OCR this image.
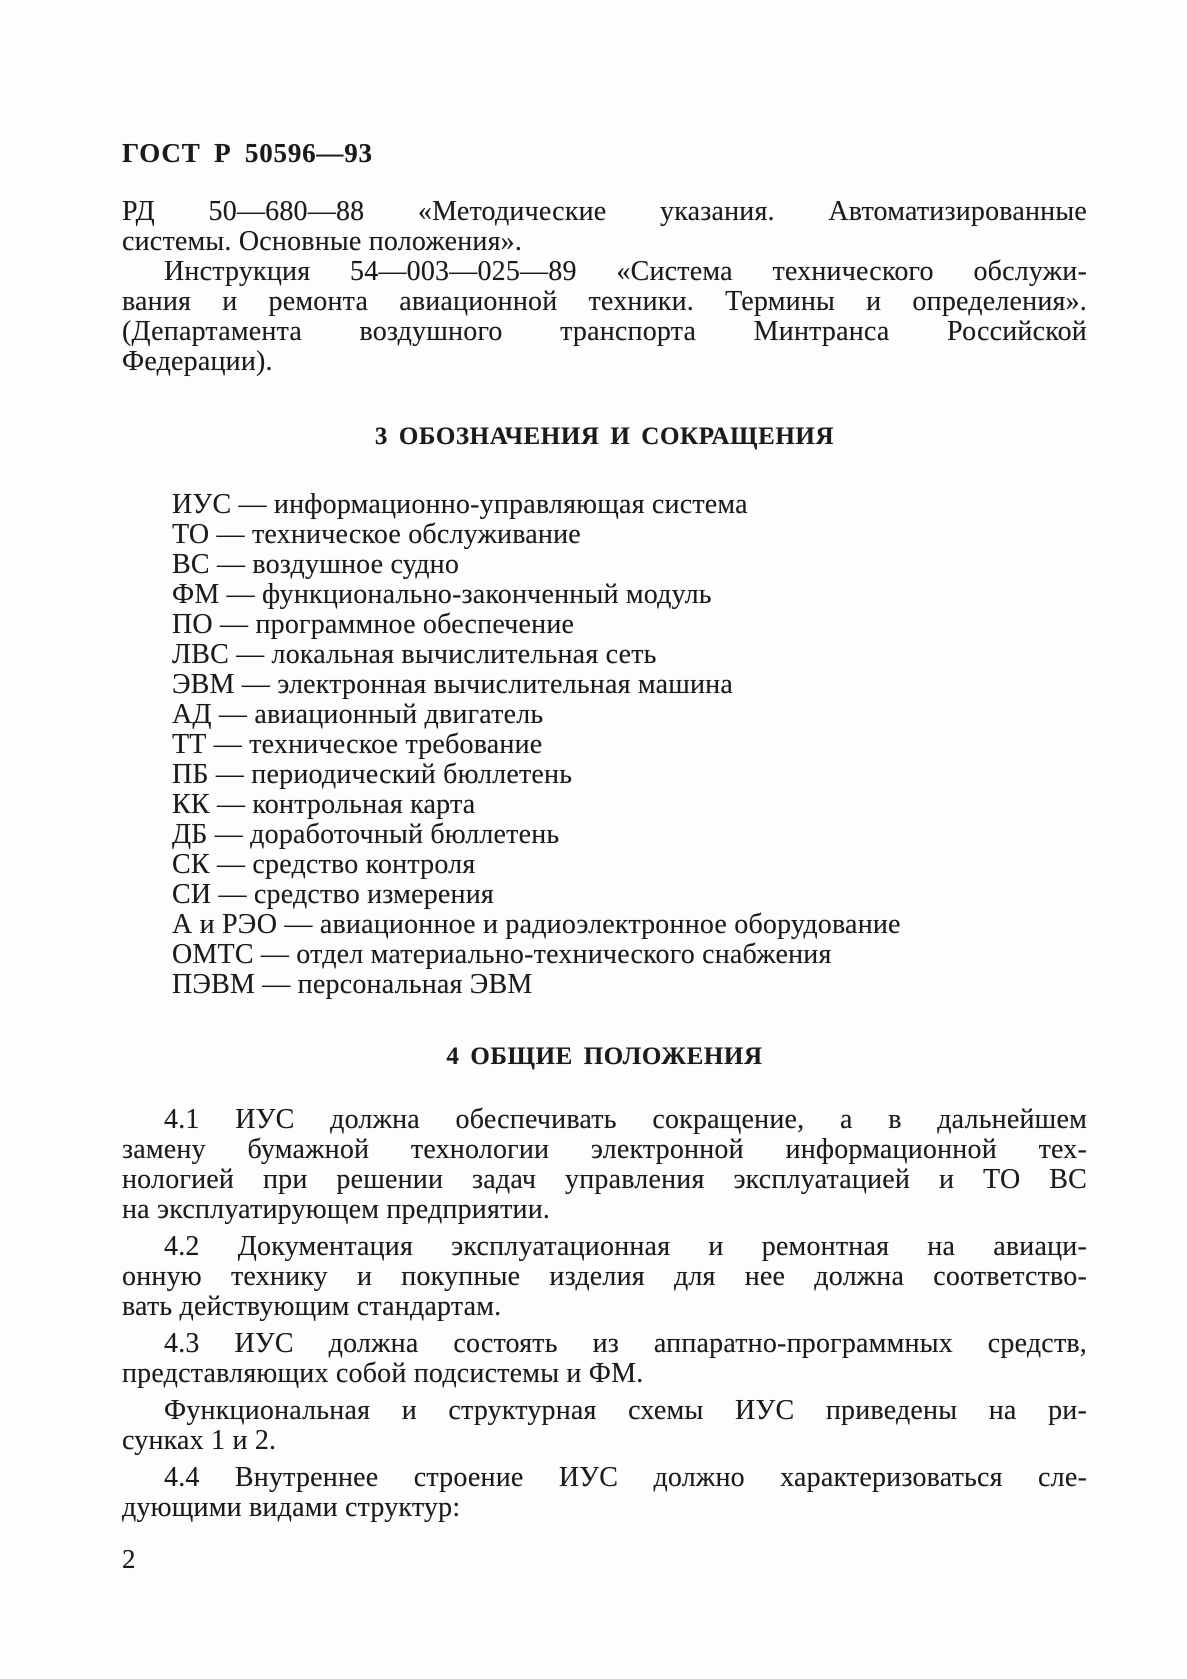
ГОСТ Р 50596—93
РД 50—680—88 «Методические указания. Автоматизированные
системы. Основные положения».
Инструкция 54—003—025—89 «Система технического обслужи-
вания и ремонта авиационной техники. Термины и определения».
(Департамента воздушного транспорта Минтранса Российской
Федерации).
3 ОБОЗНАЧЕНИЯ И СОКРАЩЕНИЯ
ИУС — информационно-управляющая система
ТО — техническое обслуживание
ВС — воздушное судно
ФМ — функционально-законченный модуль
ПО — программное обеспечение
ЛВС — локальная вычислительная сеть
ЭВМ — электронная вычислительная машина
АД — авиационный двигатель
ТТ — техническое требование
ПБ — периодический бюллетень
КК — контрольная карта
ДБ — доработочный бюллетень
СК — средство контроля
СИ — средство измерения
А и РЭО — авиационное и радиоэлектронное оборудование
ОМТС — отдел материально-технического снабжения
ПЭВМ — персональная ЭВМ
4 ОБЩИЕ ПОЛОЖЕНИЯ
4.1 ИУС должна обеспечивать сокращение, а в дальнейшем
замену бумажной технологии электронной информационной тех-
нологией при решении задач управления эксплуатацией и ТО ВС
на эксплуатирующем предприятии.
4.2 Документация эксплуатационная и ремонтная на авиаци-
онную технику и покупные изделия для нее должна соответство-
вать действующим стандартам.
4.3 ИУС должна состоять из аппаратно-программных средств,
представляющих собой подсистемы и ФМ.
Функциональная и структурная схемы ИУС приведены на ри-
сунках 1 и 2.
4.4 Внутреннее строение ИУС должно характеризоваться сле-
дующими видами структур:
2
